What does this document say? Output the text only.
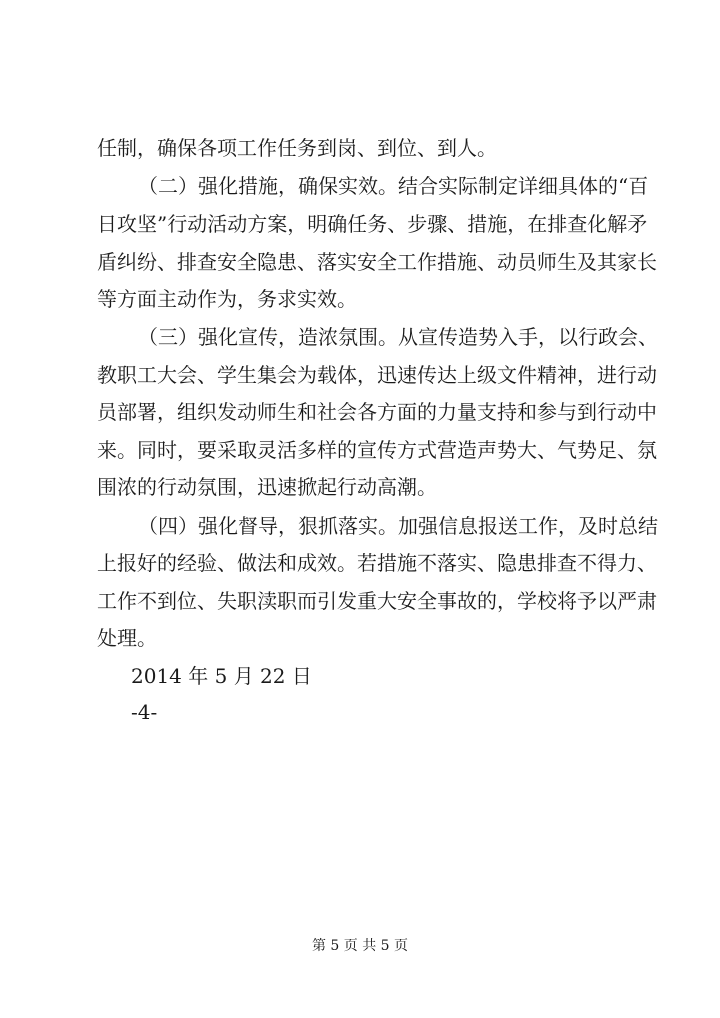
任制，确保各项工作任务到岗、到位、到人。
（二）强化措施，确保实效。结合实际制定详细具体的“百
日攻坚”行动活动方案，明确任务、步骤、措施，在排查化解矛
盾纠纷、排查安全隐患、落实安全工作措施、动员师生及其家长
等方面主动作为，务求实效。
（三）强化宣传，造浓氛围。从宣传造势入手，以行政会、
教职工大会、学生集会为载体，迅速传达上级文件精神，进行动
员部署，组织发动师生和社会各方面的力量支持和参与到行动中
来。同时，要采取灵活多样的宣传方式营造声势大、气势足、氛
围浓的行动氛围，迅速掀起行动高潮。
（四）强化督导，狠抓落实。加强信息报送工作，及时总结
上报好的经验、做法和成效。若措施不落实、隐患排查不得力、
工作不到位、失职渎职而引发重大安全事故的，学校将予以严肃
处理。
2014 年 5 月 22 日
-4-
第 5 页 共 5 页
